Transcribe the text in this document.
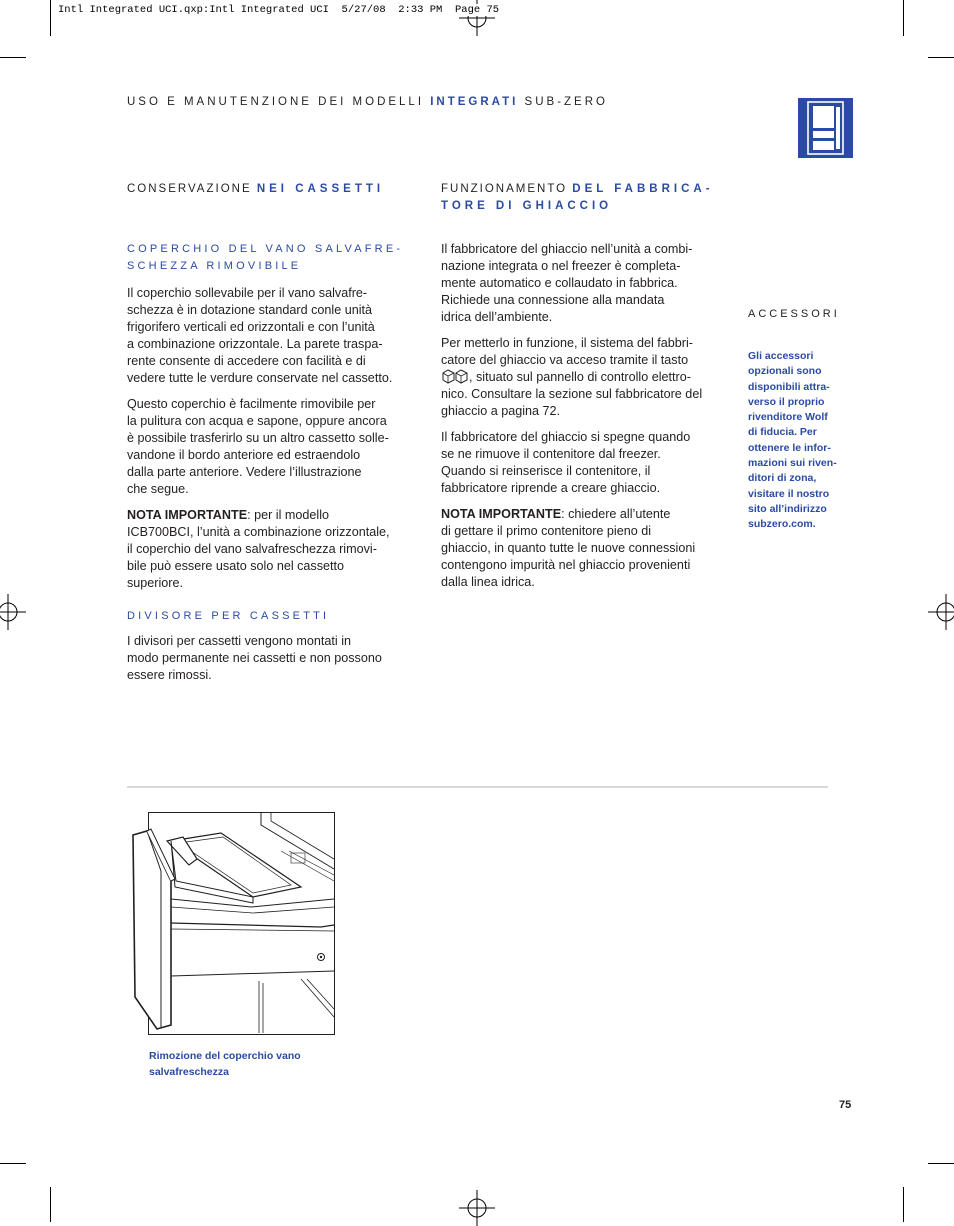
Intl Integrated UCI.qxp:Intl Integrated UCI  5/27/08  2:33 PM  Page 75
USO E MANUTENZIONE DEI MODELLI INTEGRATI SUB-ZERO
CONSERVAZIONE NEI CASSETTI
COPERCHIO DEL VANO SALVAFRE-
SCHEZZA RIMOVIBILE

Il coperchio sollevabile per il vano salvafre-
schezza è in dotazione standard conle unità
frigorifero verticali ed orizzontali e con l’unità
a combinazione orizzontale. La parete traspa-
rente consente di accedere con facilità e di
vedere tutte le verdure conservate nel cassetto.

Questo coperchio è facilmente rimovibile per
la pulitura con acqua e sapone, oppure ancora
è possibile trasferirlo su un altro cassetto solle-
vandone il bordo anteriore ed estraendolo
dalla parte anteriore. Vedere l’illustrazione
che segue.

NOTA IMPORTANTE: per il modello
ICB700BCI, l’unità a combinazione orizzontale,
il coperchio del vano salvafreschezza rimovi-
bile può essere usato solo nel cassetto
superiore.

DIVISORE PER CASSETTI

I divisori per cassetti vengono montati in
modo permanente nei cassetti e non possono
essere rimossi.

FUNZIONAMENTO DEL FABBRICA-
TORE DI GHIACCIO

Il fabbricatore del ghiaccio nell’unità a combi-
nazione integrata o nel freezer è completa-
mente automatico e collaudato in fabbrica.
Richiede una connessione alla mandata
idrica dell’ambiente.

Per metterlo in funzione, il sistema del fabbri-
catore del ghiaccio va acceso tramite il tasto
, situato sul pannello di controllo elettro-
nico. Consultare la sezione sul fabbricatore del
ghiaccio a pagina 72.

Il fabbricatore del ghiaccio si spegne quando
se ne rimuove il contenitore dal freezer.
Quando si reinserisce il contenitore, il
fabbricatore riprende a creare ghiaccio.

NOTA IMPORTANTE: chiedere all’utente
di gettare il primo contenitore pieno di
ghiaccio, in quanto tutte le nuove connessioni
contengono impurità nel ghiaccio provenienti
dalla linea idrica.

ACCESSORI
Gli accessori
opzionali sono
disponibili attra-
verso il proprio
rivenditore Wolf
di fiducia. Per
ottenere le infor-
mazioni sui riven-
ditori di zona,
visitare il nostro
sito all’indirizzo
subzero.com.
Rimozione del coperchio vano
salvafreschezza
75
